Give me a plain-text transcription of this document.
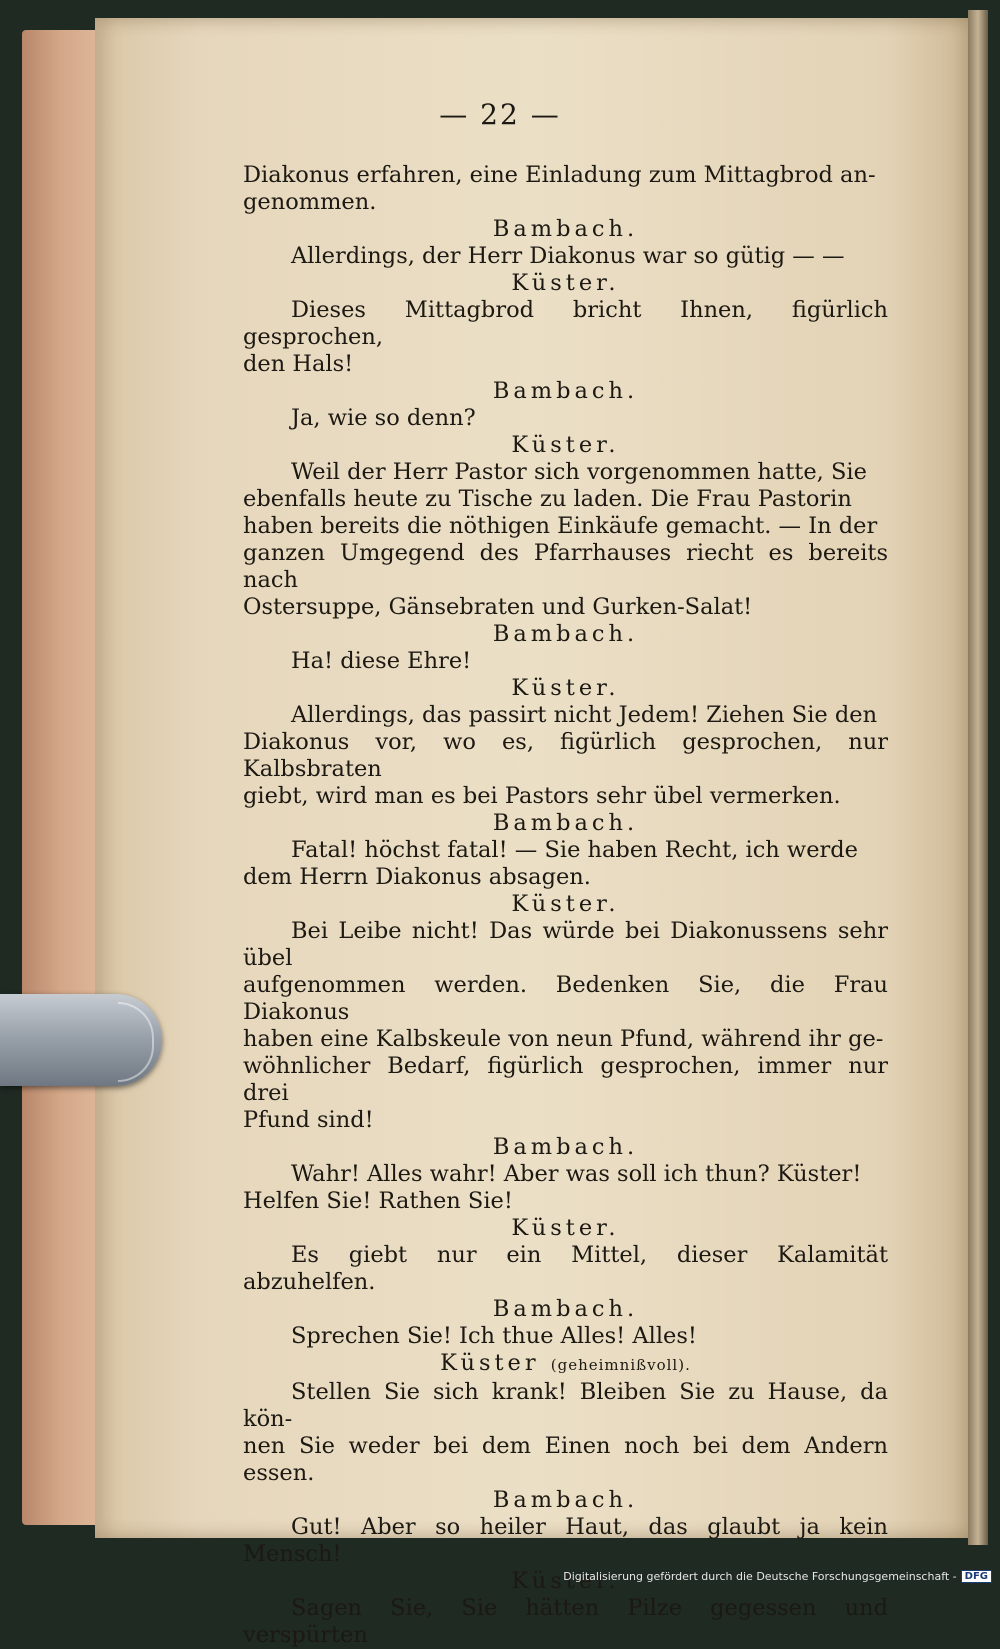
— 22 —

Diakonus erfahren, eine Einladung zum Mittagbrod an-

genommen.

Bambach.

Allerdings, der Herr Diakonus war so gütig — —

Küster.

Dieses Mittagbrod bricht Ihnen, figürlich gesprochen,

den Hals!

Bambach.

Ja, wie so denn?

Küster.

Weil der Herr Pastor sich vorgenommen hatte, Sie

ebenfalls heute zu Tische zu laden. Die Frau Pastorin

haben bereits die nöthigen Einkäufe gemacht. — In der

ganzen Umgegend des Pfarrhauses riecht es bereits nach

Ostersuppe, Gänsebraten und Gurken-Salat!

Bambach.

Ha! diese Ehre!

Küster.

Allerdings, das passirt nicht Jedem! Ziehen Sie den

Diakonus vor, wo es, figürlich gesprochen, nur Kalbsbraten

giebt, wird man es bei Pastors sehr übel vermerken.

Bambach.

Fatal! höchst fatal! — Sie haben Recht, ich werde

dem Herrn Diakonus absagen.

Küster.

Bei Leibe nicht! Das würde bei Diakonussens sehr übel

aufgenommen werden. Bedenken Sie, die Frau Diakonus

haben eine Kalbskeule von neun Pfund, während ihr ge-

wöhnlicher Bedarf, figürlich gesprochen, immer nur drei

Pfund sind!

Bambach.

Wahr! Alles wahr! Aber was soll ich thun? Küster!

Helfen Sie! Rathen Sie!

Küster.

Es giebt nur ein Mittel, dieser Kalamität abzuhelfen.

Bambach.

Sprechen Sie! Ich thue Alles! Alles!

Küster (geheimnißvoll).

Stellen Sie sich krank! Bleiben Sie zu Hause, da kön-

nen Sie weder bei dem Einen noch bei dem Andern essen.

Bambach.

Gut! Aber so heiler Haut, das glaubt ja kein Mensch!

Küster.

Sagen Sie, Sie hätten Pilze gegessen und verspürten

Digitalisierung gefördert durch die Deutsche Forschungsgemeinschaft - DFG
